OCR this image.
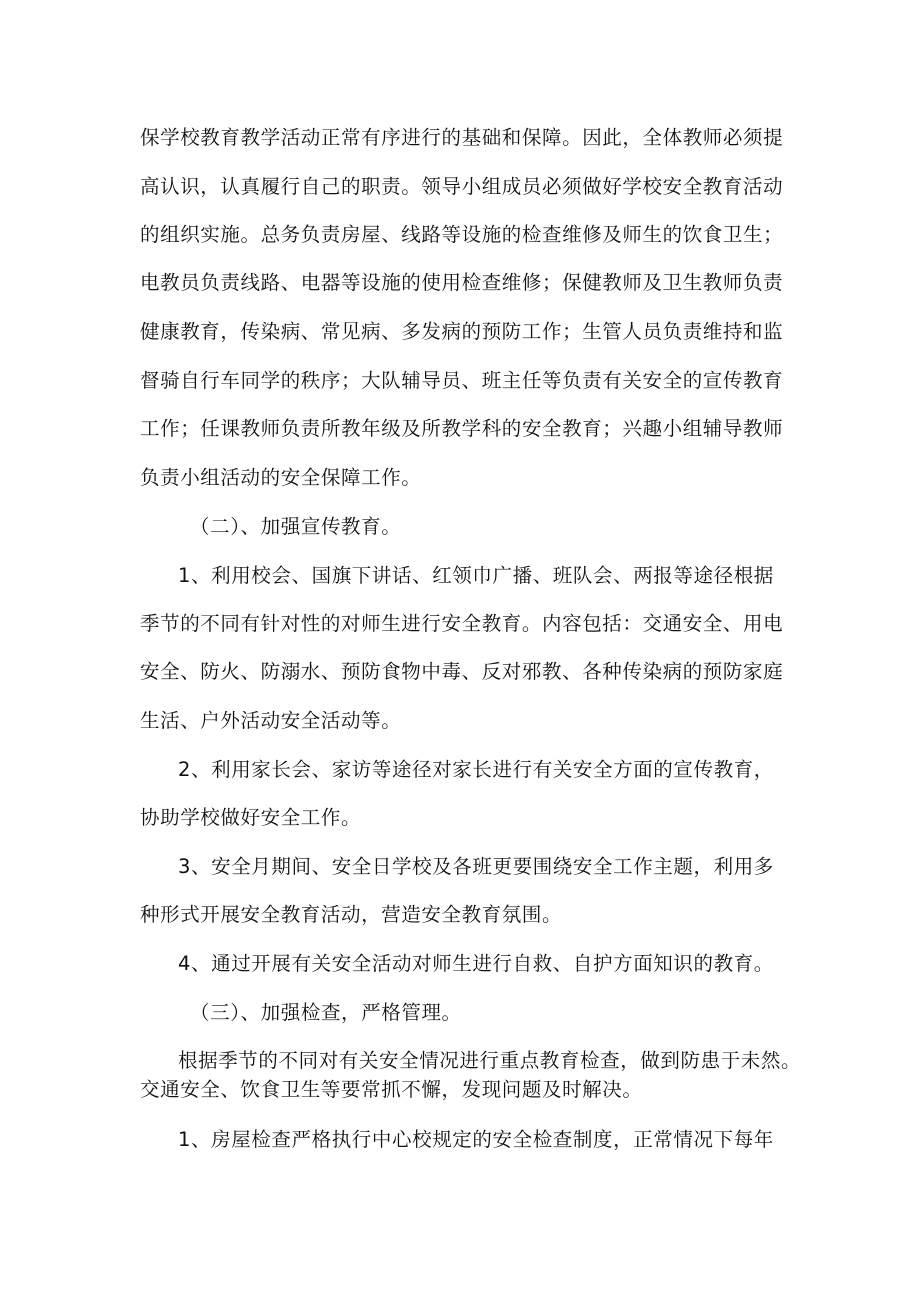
保学校教育教学活动正常有序进行的基础和保障。因此，全体教师必须提
高认识，认真履行自己的职责。领导小组成员必须做好学校安全教育活动
的组织实施。总务负责房屋、线路等设施的检查维修及师生的饮食卫生；
电教员负责线路、电器等设施的使用检查维修；保健教师及卫生教师负责
健康教育，传染病、常见病、多发病的预防工作；生管人员负责维持和监
督骑自行车同学的秩序；大队辅导员、班主任等负责有关安全的宣传教育
工作；任课教师负责所教年级及所教学科的安全教育；兴趣小组辅导教师
负责小组活动的安全保障工作。
（二）、加强宣传教育。
1、利用校会、国旗下讲话、红领巾广播、班队会、两报等途径根据
季节的不同有针对性的对师生进行安全教育。内容包括：交通安全、用电
安全、防火、防溺水、预防食物中毒、反对邪教、各种传染病的预防家庭
生活、户外活动安全活动等。
2、利用家长会、家访等途径对家长进行有关安全方面的宣传教育，
协助学校做好安全工作。
3、安全月期间、安全日学校及各班更要围绕安全工作主题，利用多
种形式开展安全教育活动，营造安全教育氛围。
4、通过开展有关安全活动对师生进行自救、自护方面知识的教育。
（三）、加强检查，严格管理。
根据季节的不同对有关安全情况进行重点教育检查，做到防患于未然。
交通安全、饮食卫生等要常抓不懈，发现问题及时解决。
1、房屋检查严格执行中心校规定的安全检查制度，正常情况下每年
